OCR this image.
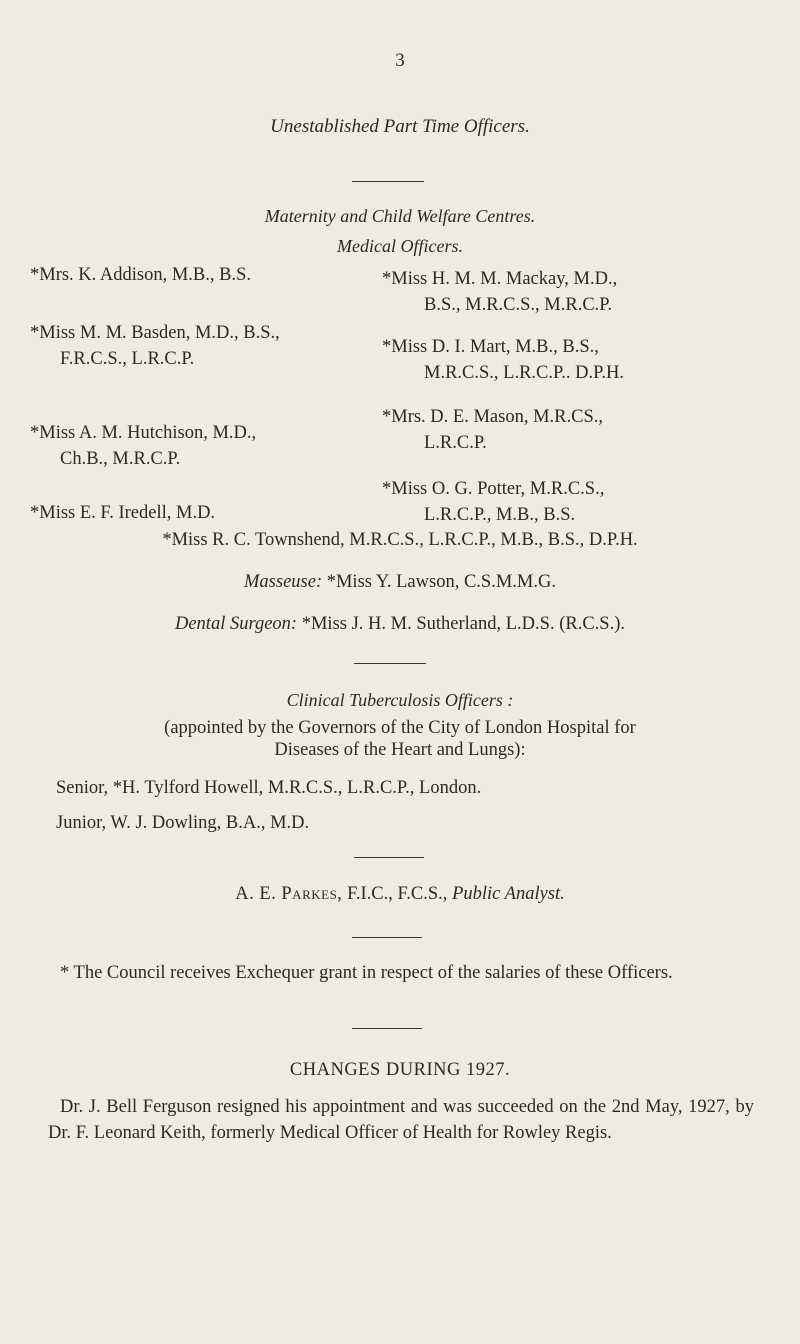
3
Unestablished Part Time Officers.
Maternity and Child Welfare Centres.
Medical Officers.
*Mrs. K. Addison, M.B., B.S.
*Miss M. M. Basden, M.D., B.S.,
F.R.C.S., L.R.C.P.
*Miss A. M. Hutchison, M.D.,
Ch.B., M.R.C.P.
*Miss E. F. Iredell, M.D.
*Miss H. M. M. Mackay, M.D.,
B.S., M.R.C.S., M.R.C.P.
*Miss D. I. Mart, M.B., B.S.,
M.R.C.S., L.R.C.P.. D.P.H.
*Mrs. D. E. Mason, M.R.CS.,
L.R.C.P.
*Miss O. G. Potter, M.R.C.S.,
L.R.C.P., M.B., B.S.
*Miss R. C. Townshend, M.R.C.S., L.R.C.P., M.B., B.S., D.P.H.
Masseuse: *Miss Y. Lawson, C.S.M.M.G.
Dental Surgeon: *Miss J. H. M. Sutherland, L.D.S. (R.C.S.).
Clinical Tuberculosis Officers :
(appointed by the Governors of the City of London Hospital for
Diseases of the Heart and Lungs):
Senior, *H. Tylford Howell, M.R.C.S., L.R.C.P., London.
Junior, W. J. Dowling, B.A., M.D.
A. E. Parkes, F.I.C., F.C.S., Public Analyst.
* The Council receives Exchequer grant in respect of the salaries of these Officers.
CHANGES DURING 1927.
Dr. J. Bell Ferguson resigned his appointment and was succeeded on the 2nd May, 1927, by Dr. F. Leonard Keith, formerly Medical Officer of Health for Rowley Regis.
